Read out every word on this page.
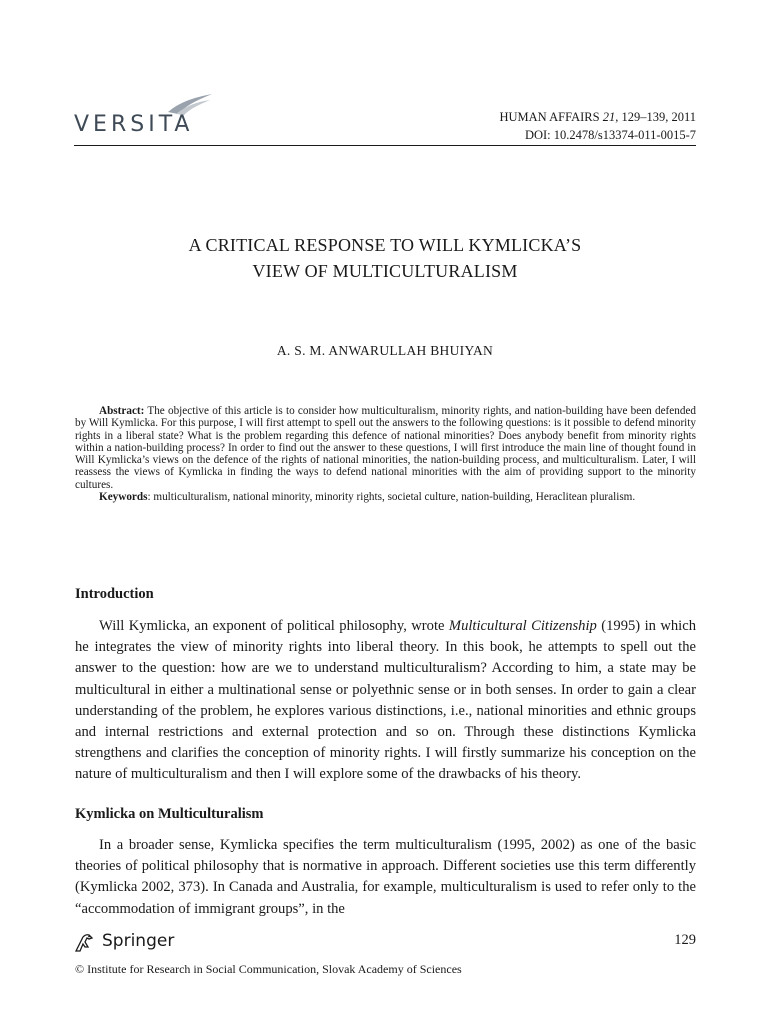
VERSITA	HUMAN AFFAIRS 21, 129–139, 2011
DOI: 10.2478/s13374-011-0015-7
A CRITICAL RESPONSE TO WILL KYMLICKA’S
VIEW OF MULTICULTURALISM
A. S. M. ANWARULLAH BHUIYAN

Abstract: The objective of this article is to consider how multiculturalism, minority rights, and nation-building have been defended by Will Kymlicka. For this purpose, I will first attempt to spell out the answers to the following questions: is it possible to defend minority rights in a liberal state? What is the problem regarding this defence of national minorities? Does anybody benefit from minority rights within a nation-building process? In order to find out the answer to these questions, I will first introduce the main line of thought found in Will Kymlicka’s views on the defence of the rights of national minorities, the nation-building process, and multiculturalism. Later, I will reassess the views of Kymlicka in finding the ways to defend national minorities with the aim of providing support to the minority cultures.

Keywords: multiculturalism, national minority, minority rights, societal culture, nation-building, Heraclitean pluralism.

Introduction

Will Kymlicka, an exponent of political philosophy, wrote Multicultural Citizenship (1995) in which he integrates the view of minority rights into liberal theory. In this book, he attempts to spell out the answer to the question: how are we to understand multiculturalism? According to him, a state may be multicultural in either a multinational sense or polyethnic sense or in both senses. In order to gain a clear understanding of the problem, he explores various distinctions, i.e., national minorities and ethnic groups and internal restrictions and external protection and so on. Through these distinctions Kymlicka strengthens and clarifies the conception of minority rights. I will firstly summarize his conception on the nature of multiculturalism and then I will explore some of the drawbacks of his theory.

Kymlicka on Multiculturalism

In a broader sense, Kymlicka specifies the term multiculturalism (1995, 2002) as one of the basic theories of political philosophy that is normative in approach. Different societies use this term differently (Kymlicka 2002, 373). In Canada and Australia, for example, multiculturalism is used to refer only to the “accommodation of immigrant groups”, in the

Springer	129
© Institute for Research in Social Communication, Slovak Academy of Sciences
